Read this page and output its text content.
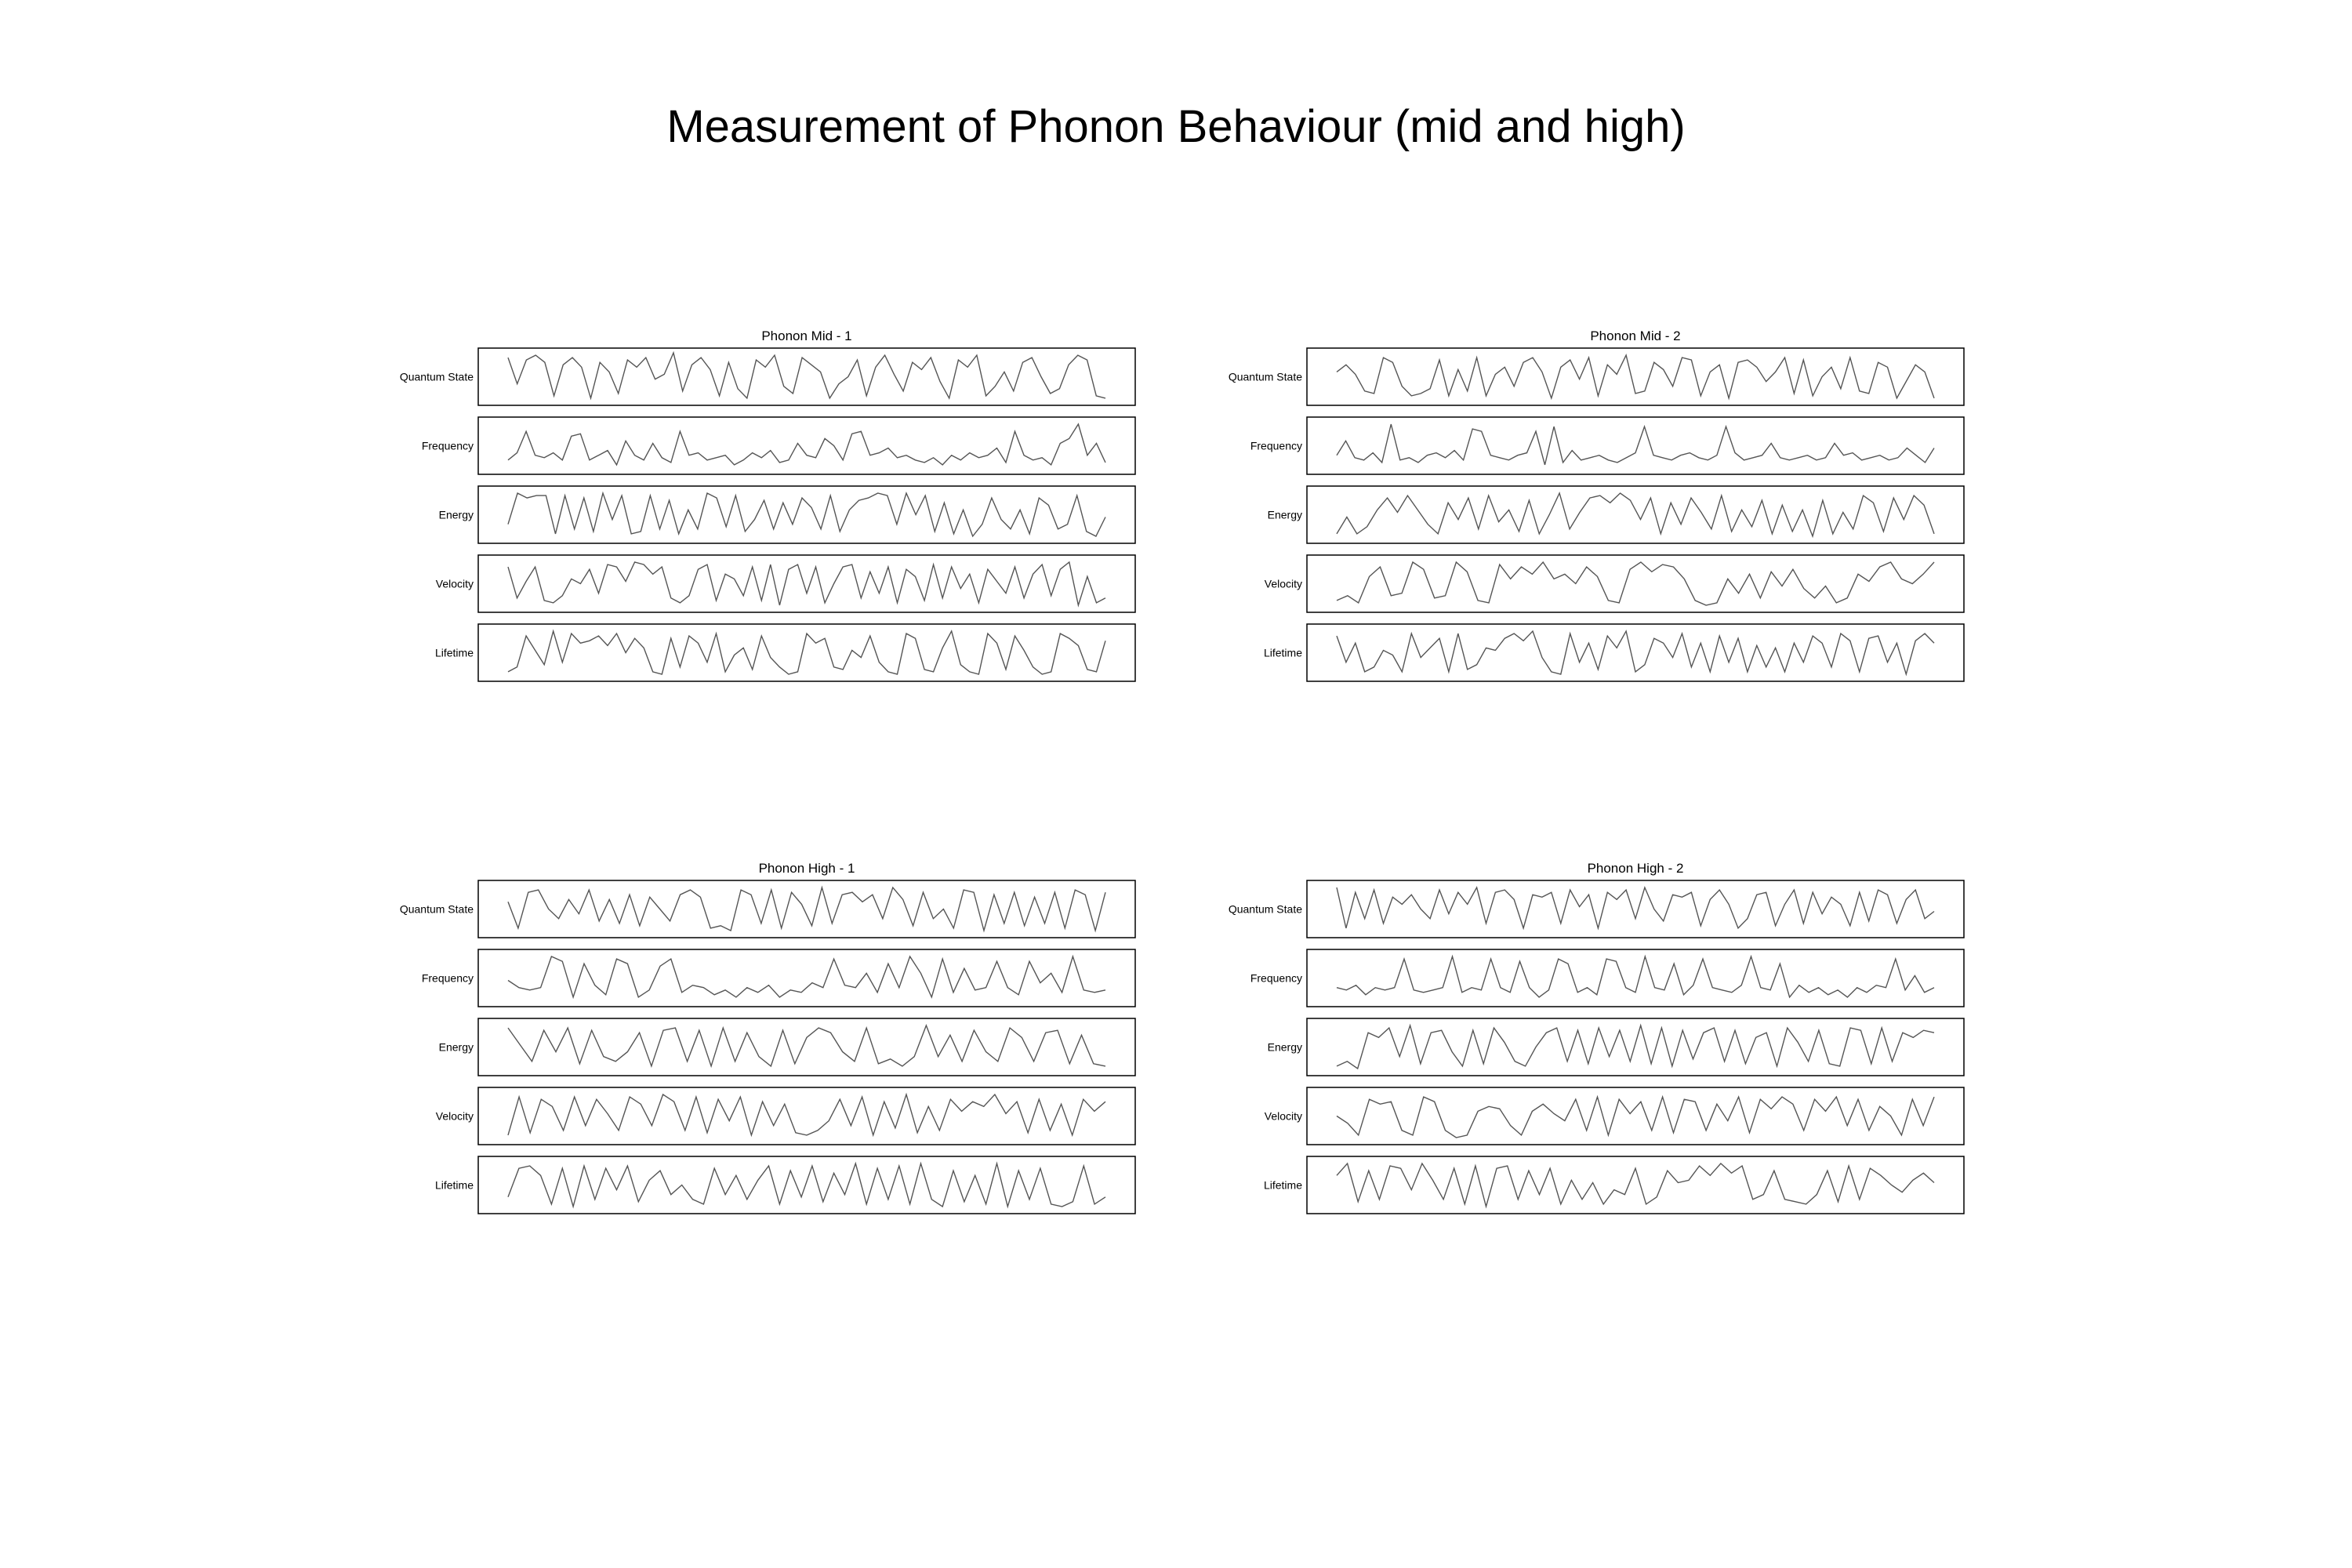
Measurement of Phonon Behaviour (mid and high)
Phonon Mid - 1
Quantum State
Frequency
Energy
Velocity
Lifetime
Phonon Mid - 2
Quantum State
Frequency
Energy
Velocity
Lifetime
Phonon High - 1
Quantum State
Frequency
Energy
Velocity
Lifetime
Phonon High - 2
Quantum State
Frequency
Energy
Velocity
Lifetime
